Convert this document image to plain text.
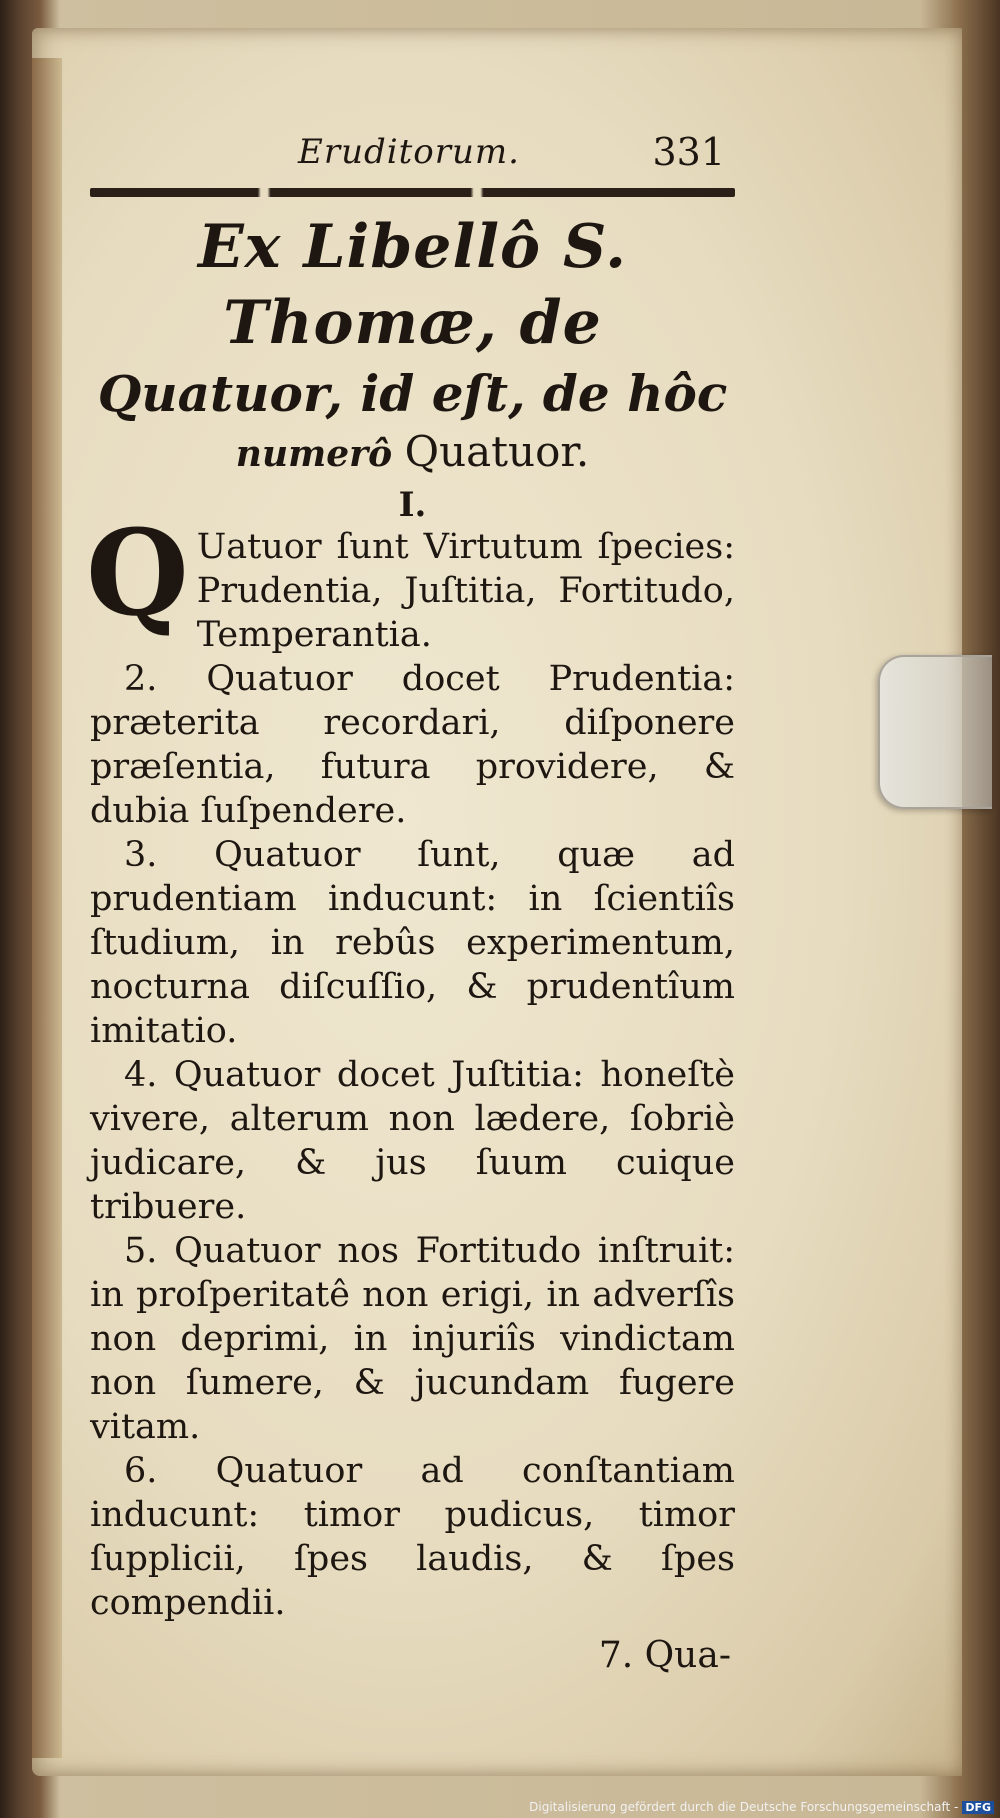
Eruditorum.	331
Ex Libellô S. Thomæ, de
Quatuor, id eſt, de hôc
numerô Quatuor.
I.

Q Uatuor ſunt Virtutum ſpecies: Prudentia, Juſtitia, Fortitudo, Temperantia.

2. Quatuor docet Prudentia: præterita recordari, diſponere præſentia, futura providere, & dubia ſuſpendere.

3. Quatuor ſunt, quæ ad prudentiam inducunt: in ſcientiîs ſtudium, in rebûs experimentum, nocturna diſcuſſio, & prudentîum imitatio.

4. Quatuor docet Juſtitia: honeſtè vivere, alterum non lædere, ſobriè judicare, & jus ſuum cuique tribuere.

5. Quatuor nos Fortitudo inſtruit: in proſperitatê non erigi, in adverſîs non deprimi, in injuriîs vindictam non ſumere, & jucundam fugere vitam.

6. Quatuor ad conſtantiam inducunt: timor pudicus, timor ſupplicii, ſpes laudis, & ſpes compendii.

7. Qua-
Digitalisierung gefördert durch die Deutsche Forschungsgemeinschaft - DFG
